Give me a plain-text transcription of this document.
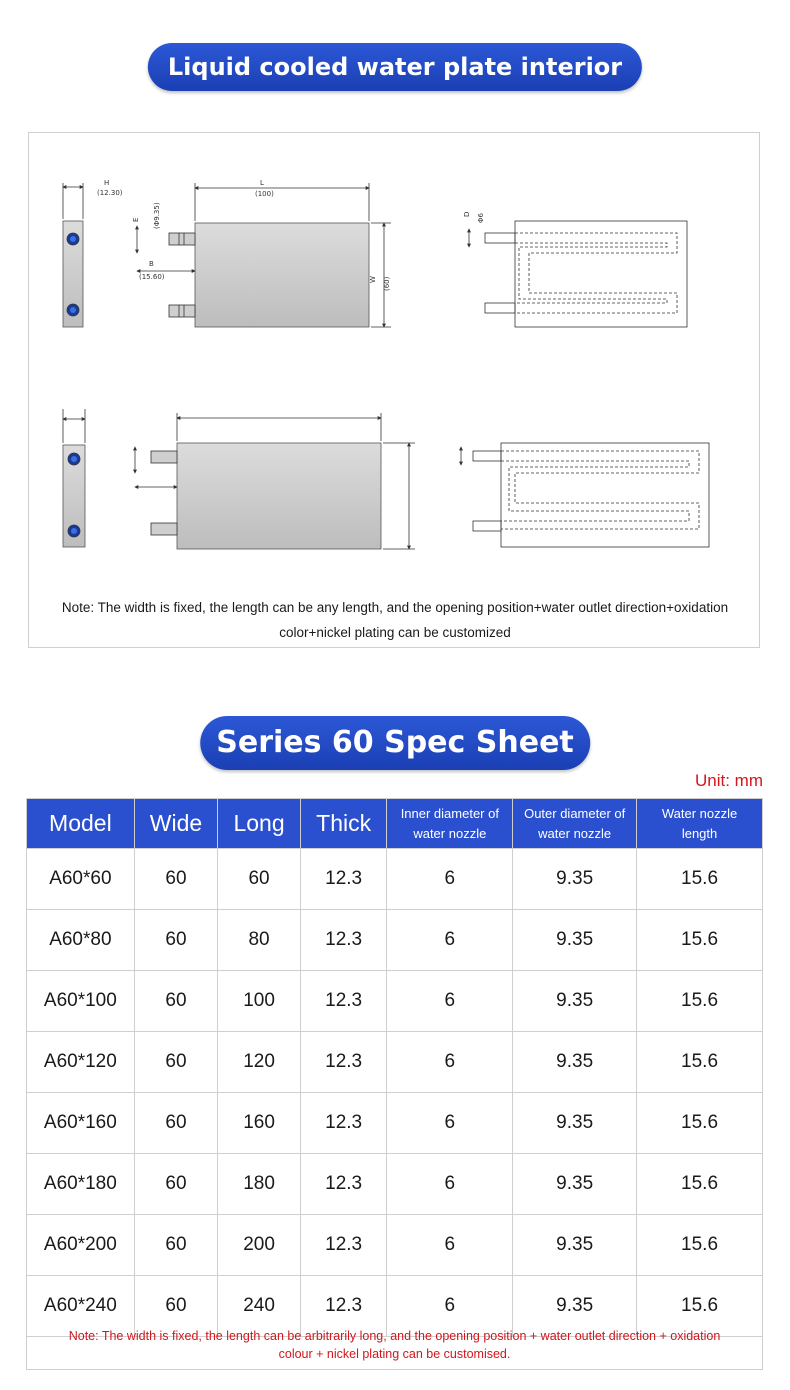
Liquid cooled water plate interior
H
(12.30)
L
(100)
E (Φ9.35)
B
(15.60)	W (60)
D Φ6
Note: The width is fixed, the length can be any length, and the opening position+water outlet direction+oxidation
color+nickel plating can be customized
Series 60 Spec Sheet
Unit: mm
Model	Wide	Long	Thick	Inner diameter of
water nozzle	Outer diameter of
water nozzle	Water nozzle
length
A60*60	60	60	12.3	6	9.35	15.6
A60*80	60	80	12.3	6	9.35	15.6
A60*100	60	100	12.3	6	9.35	15.6
A60*120	60	120	12.3	6	9.35	15.6
A60*160	60	160	12.3	6	9.35	15.6
A60*180	60	180	12.3	6	9.35	15.6
A60*200	60	200	12.3	6	9.35	15.6
A60*240	60	240	12.3	6	9.35	15.6
Note: The width is fixed, the length can be arbitrarily long, and the opening position + water outlet direction + oxidation
colour + nickel plating can be customised.
